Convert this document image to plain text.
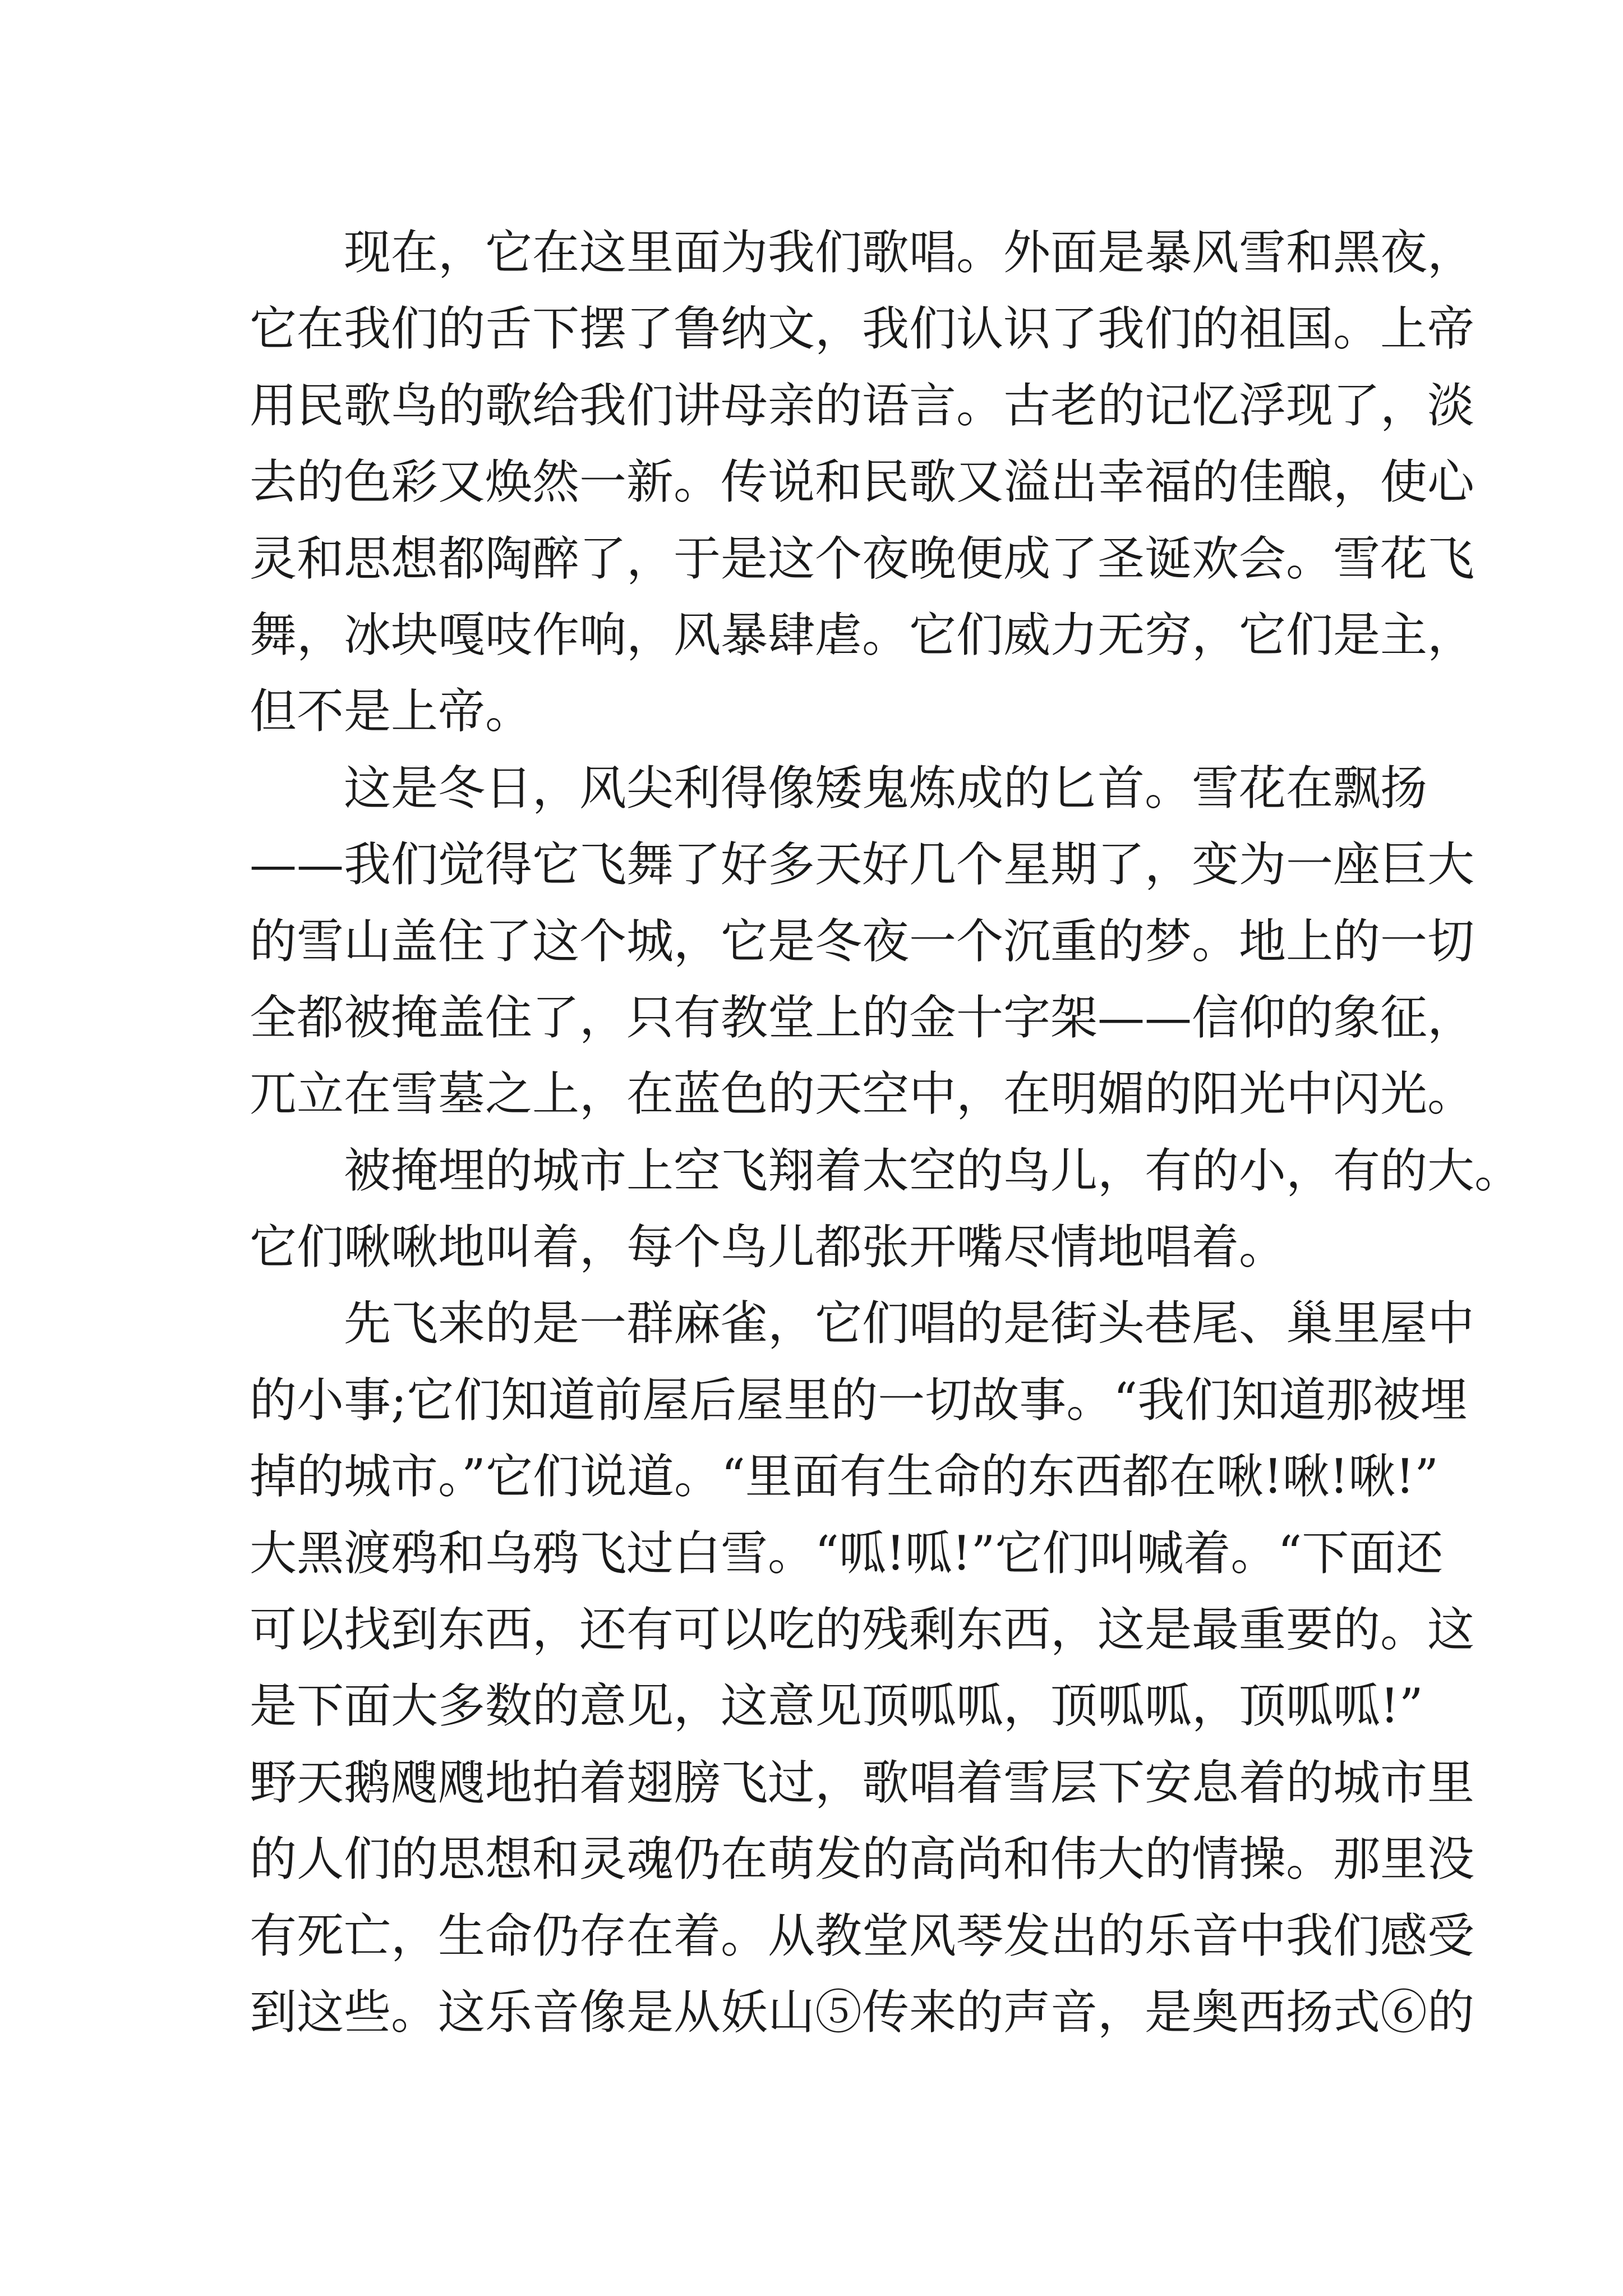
现在，它在这里面为我们歌唱。外面是暴风雪和黑夜，
它在我们的舌下摆了鲁纳文，我们认识了我们的祖国。上帝
用民歌鸟的歌给我们讲母亲的语言。古老的记忆浮现了，淡
去的色彩又焕然一新。传说和民歌又溢出幸福的佳酿，使心
灵和思想都陶醉了，于是这个夜晚便成了圣诞欢会。雪花飞
舞，冰块嘎吱作响，风暴肆虐。它们威力无穷，它们是主，
但不是上帝。
这是冬日，风尖利得像矮鬼炼成的匕首。雪花在飘扬
——我们觉得它飞舞了好多天好几个星期了，变为一座巨大
的雪山盖住了这个城，它是冬夜一个沉重的梦。地上的一切
全都被掩盖住了，只有教堂上的金十字架——信仰的象征，
兀立在雪墓之上，在蓝色的天空中，在明媚的阳光中闪光。
被掩埋的城市上空飞翔着太空的鸟儿，有的小，有的大。
它们啾啾地叫着，每个鸟儿都张开嘴尽情地唱着。
先飞来的是一群麻雀，它们唱的是街头巷尾、巢里屋中
的小事;它们知道前屋后屋里的一切故事。“我们知道那被埋
掉的城市。”它们说道。“里面有生命的东西都在啾!啾!啾!”
大黑渡鸦和乌鸦飞过白雪。“呱!呱!”它们叫喊着。“下面还
可以找到东西，还有可以吃的残剩东西，这是最重要的。这
是下面大多数的意见，这意见顶呱呱，顶呱呱，顶呱呱!”
野天鹅飕飕地拍着翅膀飞过，歌唱着雪层下安息着的城市里
的人们的思想和灵魂仍在萌发的高尚和伟大的情操。那里没
有死亡，生命仍存在着。从教堂风琴发出的乐音中我们感受
到这些。这乐音像是从妖山⑤传来的声音，是奥西扬式⑥的
